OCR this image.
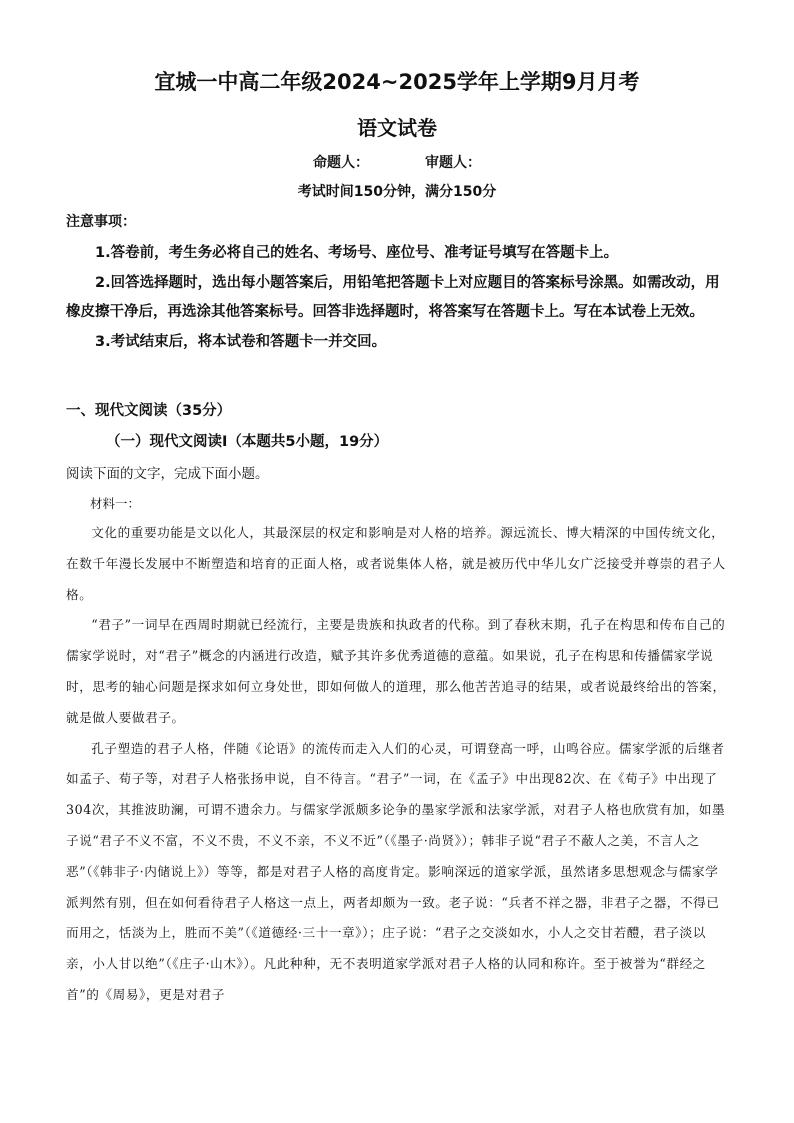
宜城一中高二年级2024~2025学年上学期9月月考
语文试卷
命题人：	审题人：
考试时间150分钟，满分150分
注意事项：

1.答卷前，考生务必将自己的姓名、考场号、座位号、准考证号填写在答题卡上。

2.回答选择题时，选出每小题答案后，用铅笔把答题卡上对应题目的答案标号涂黑。如需改动，用橡皮擦干净后，再选涂其他答案标号。回答非选择题时，将答案写在答题卡上。写在本试卷上无效。

3.考试结束后，将本试卷和答题卡一并交回。

一、现代文阅读（35分）
（一）现代文阅读Ⅰ（本题共5小题，19分）
阅读下面的文字，完成下面小题。
材料一：

文化的重要功能是文以化人，其最深层的权定和影响是对人格的培养。源远流长、博大精深的中国传统文化，在数千年漫长发展中不断塑造和培育的正面人格，或者说集体人格，就是被历代中华儿女广泛接受并尊崇的君子人格。

“君子”一词早在西周时期就已经流行，主要是贵族和执政者的代称。到了春秋末期，孔子在构思和传布自己的儒家学说时，对“君子”概念的内涵进行改造，赋予其许多优秀道德的意蕴。如果说，孔子在构思和传播儒家学说时，思考的轴心问题是探求如何立身处世，即如何做人的道理，那么他苦苦追寻的结果，或者说最终给出的答案，就是做人要做君子。

孔子塑造的君子人格，伴随《论语》的流传而走入人们的心灵，可谓登高一呼，山鸣谷应。儒家学派的后继者如孟子、荀子等，对君子人格张扬申说，自不待言。“君子”一词，在《孟子》中出现82次、在《荀子》中出现了304次，其推波助澜，可谓不遗余力。与儒家学派颇多论争的墨家学派和法家学派，对君子人格也欣赏有加，如墨子说“君子不义不富，不义不贵，不义不亲，不义不近”（《墨子·尚贤》）；韩非子说“君子不蔽人之美，不言人之恶”（《韩非子·内储说上》）等等，都是对君子人格的高度肯定。影响深远的道家学派，虽然诸多思想观念与儒家学派判然有别，但在如何看待君子人格这一点上，两者却颇为一致。老子说：“兵者不祥之器，非君子之器，不得已而用之，恬淡为上，胜而不美”（《道德经·三十一章》）；庄子说：“君子之交淡如水，小人之交甘若醴，君子淡以亲，小人甘以绝”（《庄子·山木》）。凡此种种，无不表明道家学派对君子人格的认同和称许。至于被誉为“群经之首”的《周易》，更是对君子
